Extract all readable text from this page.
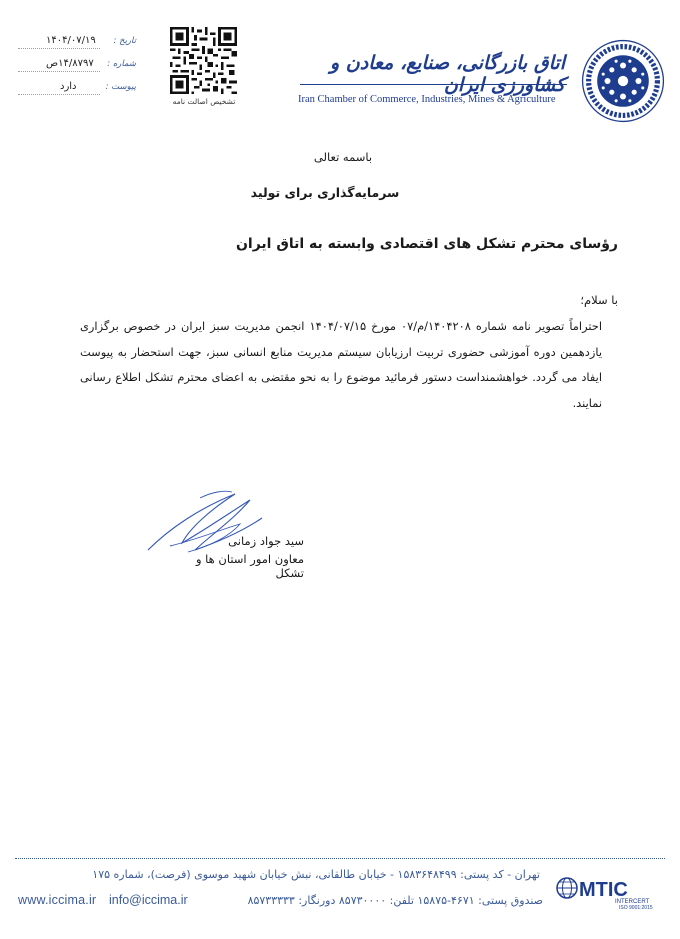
۱۴۰۴/۰۷/۱۹ تاریخ :
۱۴/۸۷۹۷ص شماره :
دارد	پیوست :
تشخیص اصالت نامه
اتاق بازرگانی، صنایع، معادن و کشاورزی ایران
Iran Chamber of Commerce, Industries, Mines & Agriculture
باسمه تعالی
سرمایه‌گذاری برای تولید
رؤسای محترم تشکل های اقتصادی وابسته به اتاق ایران
با سلام؛
احتراماً تصویر نامه شماره ۱۴۰۴۲۰۸/م/۰۷ مورخ ۱۴۰۴/۰۷/۱۵ انجمن مدیریت سبز ایران در خصوص برگزاری یازدهمین دوره آموزشی حضوری تربیت ارزیابان سیستم مدیریت منابع انسانی سبز، جهت استحضار به پیوست ایفاد می گردد. خواهشمنداست دستور فرمائید موضوع را به نحو مقتضی به اعضای محترم تشکل اطلاع رسانی نمایند.
سید جواد زمانی
معاون امور استان ها و تشکل
تهران - کد پستی: ۱۵۸۳۶۴۸۴۹۹ - خیابان طالقانی، نبش خیابان شهید موسوی (فرصت)، شماره ۱۷۵
www.iccima.ir info@iccima.ir	صندوق پستی: ۴۶۷۱-۱۵۸۷۵ تلفن: ۸۵۷۳۰۰۰۰ دورنگار: ۸۵۷۳۳۳۳۳ MTIC
INTERCERT
ISO 9001:2015
